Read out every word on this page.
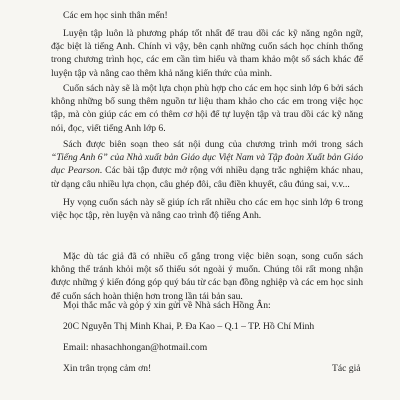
Các em học sinh thân mến!
Luyện tập luôn là phương pháp tốt nhất để trau dồi các kỹ năng ngôn ngữ, đặc biệt là tiếng Anh. Chính vì vậy, bên cạnh những cuốn sách học chính thống trong chương trình học, các em cần tìm hiểu và tham khảo một số sách khác để luyện tập và nâng cao thêm khả năng kiến thức của mình.
Cuốn sách này sẽ là một lựa chọn phù hợp cho các em học sinh lớp 6 bởi sách không những bổ sung thêm nguồn tư liệu tham khảo cho các em trong việc học tập, mà còn giúp các em có thêm cơ hội để tự luyện tập và trau dồi các kỹ năng nói, đọc, viết tiếng Anh lớp 6.
Sách được biên soạn theo sát nội dung của chương trình mới trong sách “Tiếng Anh 6” của Nhà xuất bản Giáo dục Việt Nam và Tập đoàn Xuất bản Giáo dục Pearson. Các bài tập được mở rộng với nhiều dạng trắc nghiệm khác nhau, từ dạng câu nhiều lựa chọn, câu ghép đôi, câu điền khuyết, câu đúng sai, v.v...
Hy vọng cuốn sách này sẽ giúp ích rất nhiều cho các em học sinh lớp 6 trong việc học tập, rèn luyện và nâng cao trình độ tiếng Anh.
Mặc dù tác giả đã có nhiều cố gắng trong việc biên soạn, song cuốn sách không thể tránh khỏi một số thiếu sót ngoài ý muốn. Chúng tôi rất mong nhận được những ý kiến đóng góp quý báu từ các bạn đồng nghiệp và các em học sinh để cuốn sách hoàn thiện hơn trong lần tái bản sau.
Mọi thắc mắc và góp ý xin gửi về Nhà sách Hồng Ân:
20C Nguyễn Thị Minh Khai, P. Đa Kao – Q.1 – TP. Hồ Chí Minh
Email: nhasachhongan@hotmail.com
Xin trân trọng cảm ơn!	Tác giả
